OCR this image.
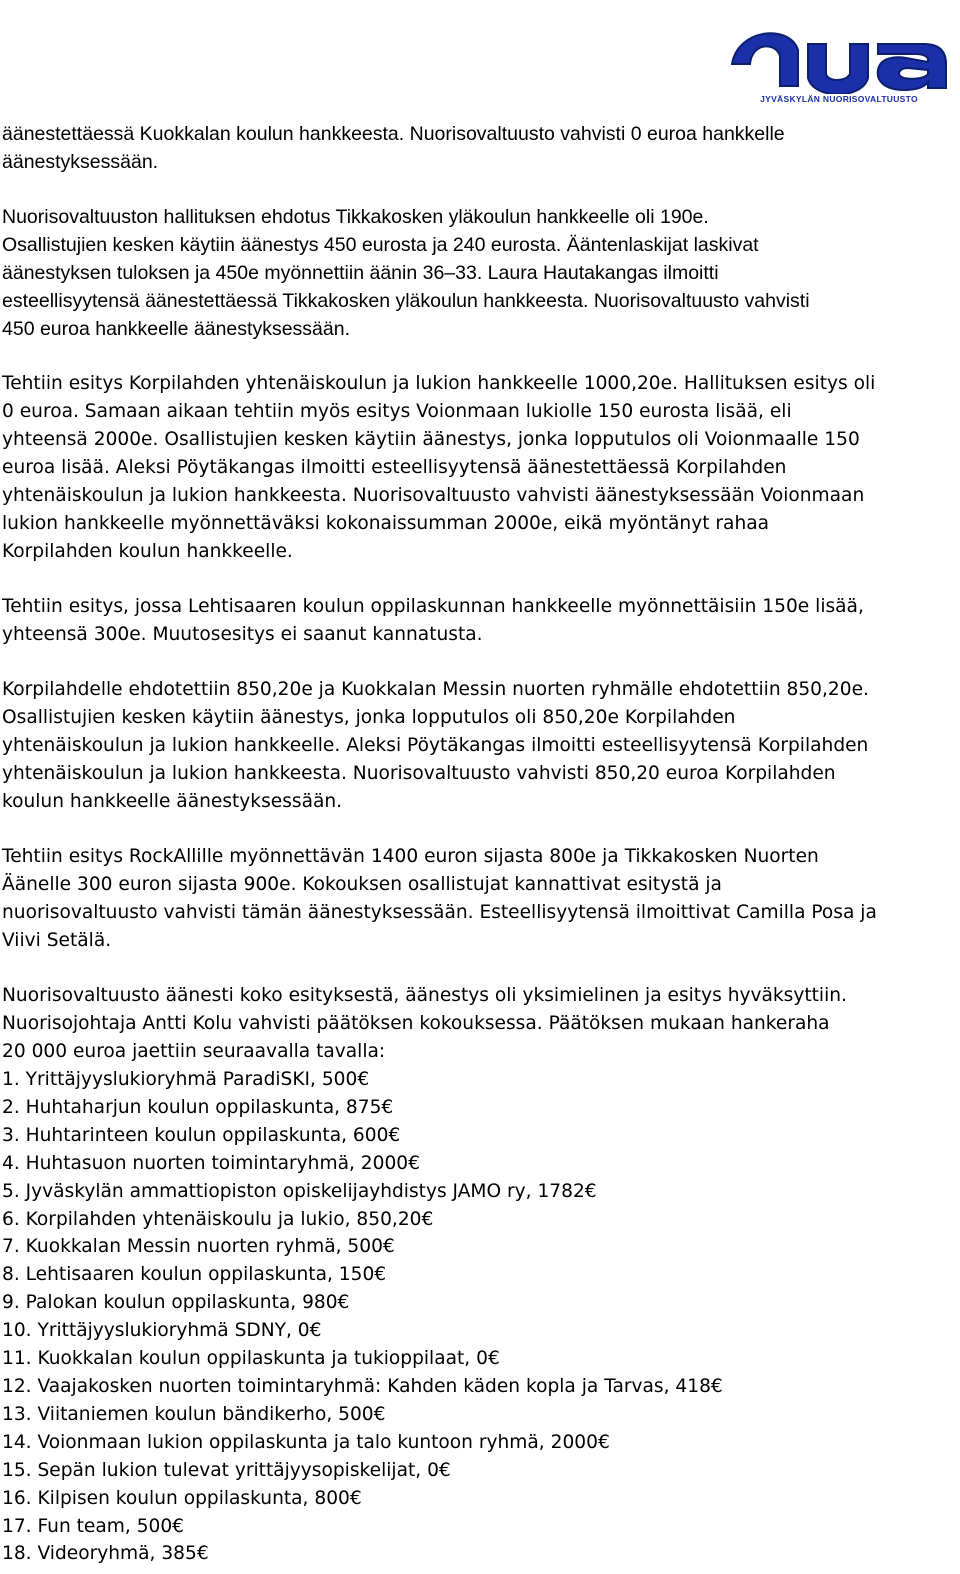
JYVÄSKYLÄN NUORISOVALTUUSTO
äänestettäessä Kuokkalan koulun hankkeesta. Nuorisovaltuusto vahvisti 0 euroa hankkelle
äänestyksessään.
Nuorisovaltuuston hallituksen ehdotus Tikkakosken yläkoulun hankkeelle oli 190e.
Osallistujien kesken käytiin äänestys 450 eurosta ja 240 eurosta. Ääntenlaskijat laskivat
äänestyksen tuloksen ja 450e myönnettiin äänin 36–33. Laura Hautakangas ilmoitti
esteellisyytensä äänestettäessä Tikkakosken yläkoulun hankkeesta. Nuorisovaltuusto vahvisti
450 euroa hankkeelle äänestyksessään.
Tehtiin esitys Korpilahden yhtenäiskoulun ja lukion hankkeelle 1000,20e. Hallituksen esitys oli
0 euroa. Samaan aikaan tehtiin myös esitys Voionmaan lukiolle 150 eurosta lisää, eli
yhteensä 2000e. Osallistujien kesken käytiin äänestys, jonka lopputulos oli Voionmaalle 150
euroa lisää. Aleksi Pöytäkangas ilmoitti esteellisyytensä äänestettäessä Korpilahden
yhtenäiskoulun ja lukion hankkeesta. Nuorisovaltuusto vahvisti äänestyksessään Voionmaan
lukion hankkeelle myönnettäväksi kokonaissumman 2000e, eikä myöntänyt rahaa
Korpilahden koulun hankkeelle.
Tehtiin esitys, jossa Lehtisaaren koulun oppilaskunnan hankkeelle myönnettäisiin 150e lisää,
yhteensä 300e. Muutosesitys ei saanut kannatusta.
Korpilahdelle ehdotettiin 850,20e ja Kuokkalan Messin nuorten ryhmälle ehdotettiin 850,20e.
Osallistujien kesken käytiin äänestys, jonka lopputulos oli 850,20e Korpilahden
yhtenäiskoulun ja lukion hankkeelle. Aleksi Pöytäkangas ilmoitti esteellisyytensä Korpilahden
yhtenäiskoulun ja lukion hankkeesta. Nuorisovaltuusto vahvisti 850,20 euroa Korpilahden
koulun hankkeelle äänestyksessään.
Tehtiin esitys RockAllille myönnettävän 1400 euron sijasta 800e ja Tikkakosken Nuorten
Äänelle 300 euron sijasta 900e. Kokouksen osallistujat kannattivat esitystä ja
nuorisovaltuusto vahvisti tämän äänestyksessään. Esteellisyytensä ilmoittivat Camilla Posa ja
Viivi Setälä.
Nuorisovaltuusto äänesti koko esityksestä, äänestys oli yksimielinen ja esitys hyväksyttiin.
Nuorisojohtaja Antti Kolu vahvisti päätöksen kokouksessa. Päätöksen mukaan hankeraha
20 000 euroa jaettiin seuraavalla tavalla:
1. Yrittäjyyslukioryhmä ParadiSKI, 500€
2. Huhtaharjun koulun oppilaskunta, 875€
3. Huhtarinteen koulun oppilaskunta, 600€
4. Huhtasuon nuorten toimintaryhmä, 2000€
5. Jyväskylän ammattiopiston opiskelijayhdistys JAMO ry, 1782€
6. Korpilahden yhtenäiskoulu ja lukio, 850,20€
7. Kuokkalan Messin nuorten ryhmä, 500€
8. Lehtisaaren koulun oppilaskunta, 150€
9. Palokan koulun oppilaskunta, 980€
10. Yrittäjyyslukioryhmä SDNY, 0€
11. Kuokkalan koulun oppilaskunta ja tukioppilaat, 0€
12. Vaajakosken nuorten toimintaryhmä: Kahden käden kopla ja Tarvas, 418€
13. Viitaniemen koulun bändikerho, 500€
14. Voionmaan lukion oppilaskunta ja talo kuntoon ryhmä, 2000€
15. Sepän lukion tulevat yrittäjyysopiskelijat, 0€
16. Kilpisen koulun oppilaskunta, 800€
17. Fun team, 500€
18. Videoryhmä, 385€
